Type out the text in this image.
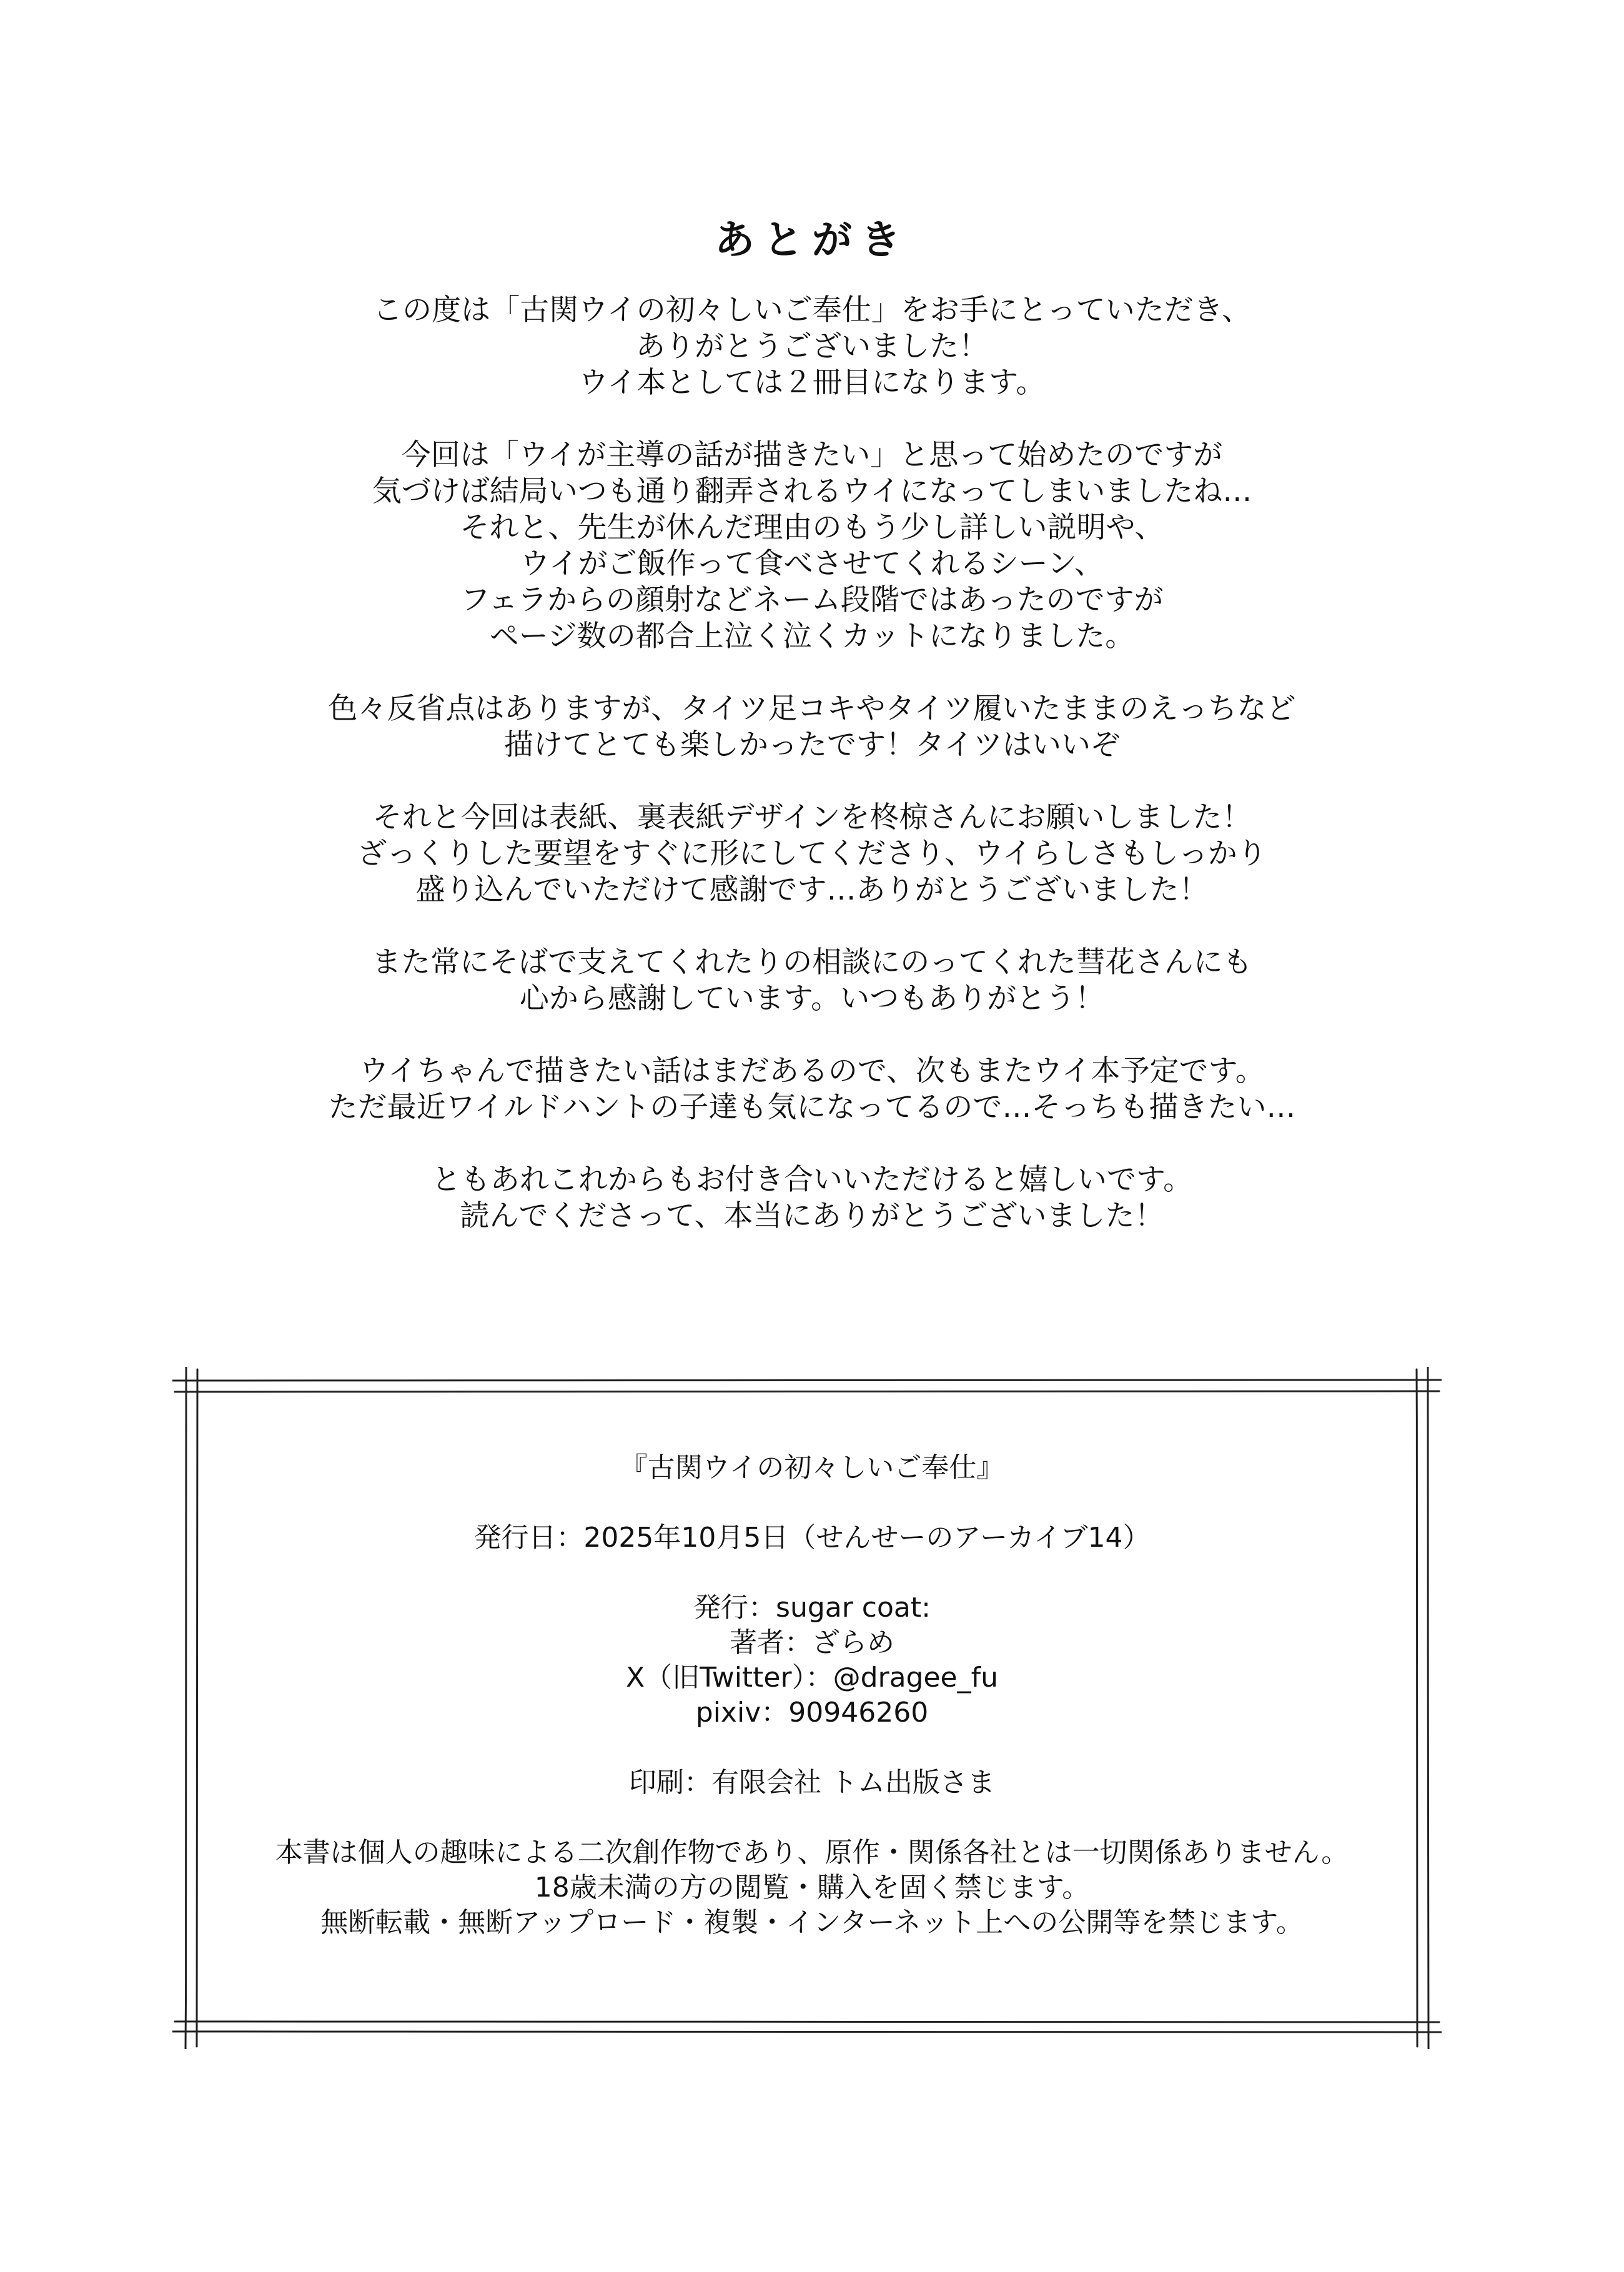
あとがき
この度は「古関ウイの初々しいご奉仕」をお手にとっていただき、
ありがとうございました！
ウイ本としては２冊目になります。
今回は「ウイが主導の話が描きたい」と思って始めたのですが
気づけば結局いつも通り翻弄されるウイになってしまいましたね…
それと、先生が休んだ理由のもう少し詳しい説明や、
ウイがご飯作って食べさせてくれるシーン、
フェラからの顔射などネーム段階ではあったのですが
ページ数の都合上泣く泣くカットになりました。
色々反省点はありますが、タイツ足コキやタイツ履いたままのえっちなど
描けてとても楽しかったです！タイツはいいぞ
それと今回は表紙、裏表紙デザインを柊椋さんにお願いしました！
ざっくりした要望をすぐに形にしてくださり、ウイらしさもしっかり
盛り込んでいただけて感謝です…ありがとうございました！
また常にそばで支えてくれたりの相談にのってくれた彗花さんにも
心から感謝しています。いつもありがとう！
ウイちゃんで描きたい話はまだあるので、次もまたウイ本予定です。
ただ最近ワイルドハントの子達も気になってるので…そっちも描きたい…
ともあれこれからもお付き合いいただけると嬉しいです。
読んでくださって、本当にありがとうございました！
『古関ウイの初々しいご奉仕』
発行日：2025年10月5日（せんせーのアーカイブ14）
発行：sugar coat:
著者：ざらめ
X（旧Twitter）：@dragee_fu
pixiv：90946260
印刷：有限会社 トム出版さま
本書は個人の趣味による二次創作物であり、原作・関係各社とは一切関係ありません。
18歳未満の方の閲覧・購入を固く禁じます。
無断転載・無断アップロード・複製・インターネット上への公開等を禁じます。
